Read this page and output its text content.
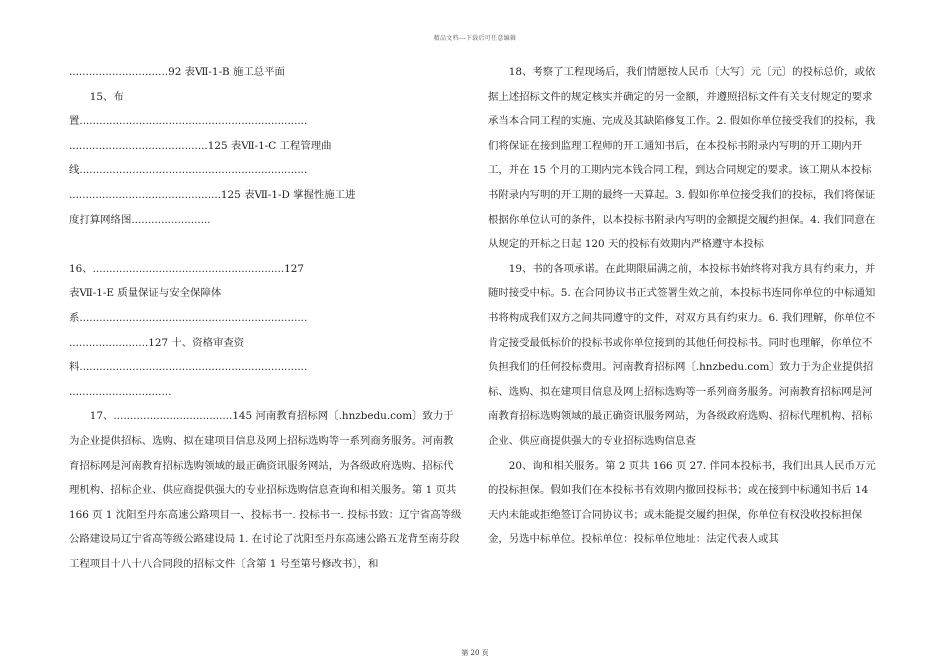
精品文档---下载后可任意编辑

..............................92 表Ⅶ-1-B 施工总平面

15、布

置.....................................................................

..........................................125 表Ⅶ-1-C 工程管理曲

线.....................................................................

..............................................125 表Ⅶ-1-D 掌握性施工进

度打算网络图........................

16、..........................................................127

表Ⅶ-1-E 质量保证与安全保障体

系.....................................................................

........................127 十、资格审查资

料.....................................................................

...............................

17、....................................145 河南教育招标网〔.hnzbedu.com〕致力于为企业提供招标、选购、拟在建项目信息及网上招标选购等一系列商务服务。河南教育招标网是河南教育招标选购领域的最正确资讯服务网站，为各级政府选购、招标代理机构、招标企业、供应商提供强大的专业招标选购信息查询和相关服务。第 1 页共 166 页 1 沈阳至丹东高速公路项目一、投标书一. 投标书一. 投标书致：辽宁省高等级公路建设局辽宁省高等级公路建设局 1. 在讨论了沈阳至丹东高速公路五龙背至南芬段工程项目十八十八合同段的招标文件〔含第 1 号至第号修改书〕，和

18、考察了工程现场后，我们情愿按人民币〔大写〕元〔元〕的投标总价，或依据上述招标文件的规定核实并确定的另一金额，并遵照招标文件有关支付规定的要求承当本合同工程的实施、完成及其缺陷修复工作。2. 假如你单位接受我们的投标，我们将保证在接到监理工程师的开工通知书后，在本投标书附录内写明的开工期内开工，并在 15 个月的工期内完本钱合同工程，到达合同规定的要求。该工期从本投标书附录内写明的开工期的最终一天算起。3. 假如你单位接受我们的投标，我们将保证根据你单位认可的条件，以本投标书附录内写明的金额提交履约担保。4. 我们同意在从规定的开标之日起 120 天的投标有效期内严格遵守本投标

19、书的各项承诺。在此期限届满之前，本投标书始终将对我方具有约束力，并随时接受中标。5. 在合同协议书正式签署生效之前，本投标书连同你单位的中标通知书将构成我们双方之间共同遵守的文件，对双方具有约束力。6. 我们理解，你单位不肯定接受最低标价的投标书或你单位接到的其他任何投标书。同时也理解，你单位不负担我们的任何投标费用。河南教育招标网〔.hnzbedu.com〕致力于为企业提供招标、选购、拟在建项目信息及网上招标选购等一系列商务服务。河南教育招标网是河南教育招标选购领域的最正确资讯服务网站，为各级政府选购、招标代理机构、招标企业、供应商提供强大的专业招标选购信息查

20、询和相关服务。第 2 页共 166 页 27. 伴同本投标书，我们出具人民币万元的投标担保。假如我们在本投标书有效期内撤回投标书；或在接到中标通知书后 14 天内未能或拒绝签订合同协议书；或未能提交履约担保，你单位有权没收投标担保金，另选中标单位。投标单位：投标单位地址：法定代表人或其

第 20 页
